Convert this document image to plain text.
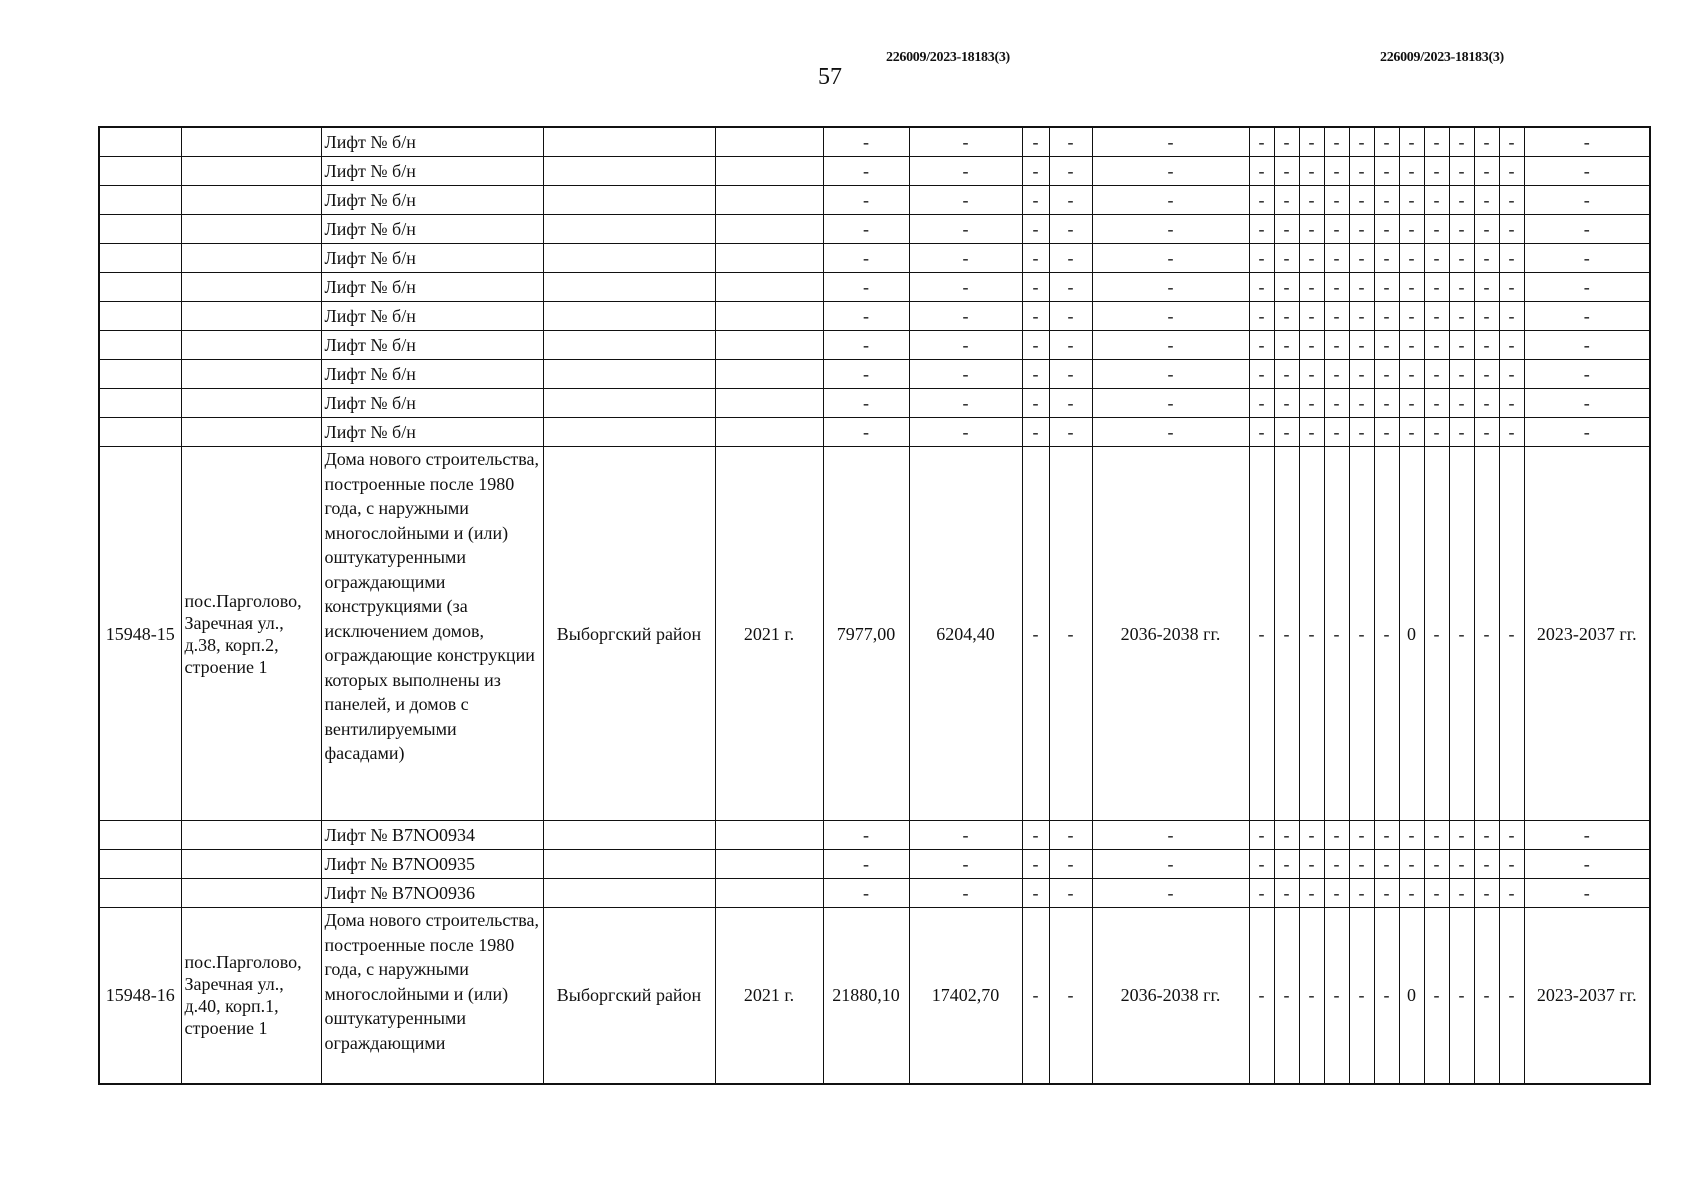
226009/2023-18183(3)	226009/2023-18183(3)
57
		Лифт № б/н			-	-	-	-	-	-	-	-	-	-	-	-	-	-	-	-	-
		Лифт № б/н			-	-	-	-	-	-	-	-	-	-	-	-	-	-	-	-	-
		Лифт № б/н			-	-	-	-	-	-	-	-	-	-	-	-	-	-	-	-	-
		Лифт № б/н			-	-	-	-	-	-	-	-	-	-	-	-	-	-	-	-	-
		Лифт № б/н			-	-	-	-	-	-	-	-	-	-	-	-	-	-	-	-	-
		Лифт № б/н			-	-	-	-	-	-	-	-	-	-	-	-	-	-	-	-	-
		Лифт № б/н			-	-	-	-	-	-	-	-	-	-	-	-	-	-	-	-	-
		Лифт № б/н			-	-	-	-	-	-	-	-	-	-	-	-	-	-	-	-	-
		Лифт № б/н			-	-	-	-	-	-	-	-	-	-	-	-	-	-	-	-	-
		Лифт № б/н			-	-	-	-	-	-	-	-	-	-	-	-	-	-	-	-	-
		Лифт № б/н			-	-	-	-	-	-	-	-	-	-	-	-	-	-	-	-	-
15948-15	пос.Парголово, Заречная ул., д.38, корп.2, строение 1	Дома нового строительства, построенные после 1980 года, с наружными многослойными и (или) оштукатуренными ограждающими конструкциями (за исключением домов, ограждающие конструкции которых выполнены из панелей, и домов с вентилируемыми фасадами)	Выборгский район	2021 г.	7977,00	6204,40	-	-	2036-2038 гг.	-	-	-	-	-	-	0	-	-	-	-	2023-2037 гг.
		Лифт № B7NO0934			-	-	-	-	-	-	-	-	-	-	-	-	-	-	-	-	-
		Лифт № B7NO0935			-	-	-	-	-	-	-	-	-	-	-	-	-	-	-	-	-
		Лифт № B7NO0936			-	-	-	-	-	-	-	-	-	-	-	-	-	-	-	-	-
15948-16	пос.Парголово, Заречная ул., д.40, корп.1, строение 1	Дома нового строительства, построенные после 1980 года, с наружными многослойными и (или) оштукатуренными ограждающими	Выборгский район	2021 г.	21880,10	17402,70	-	-	2036-2038 гг.	-	-	-	-	-	-	0	-	-	-	-	2023-2037 гг.
